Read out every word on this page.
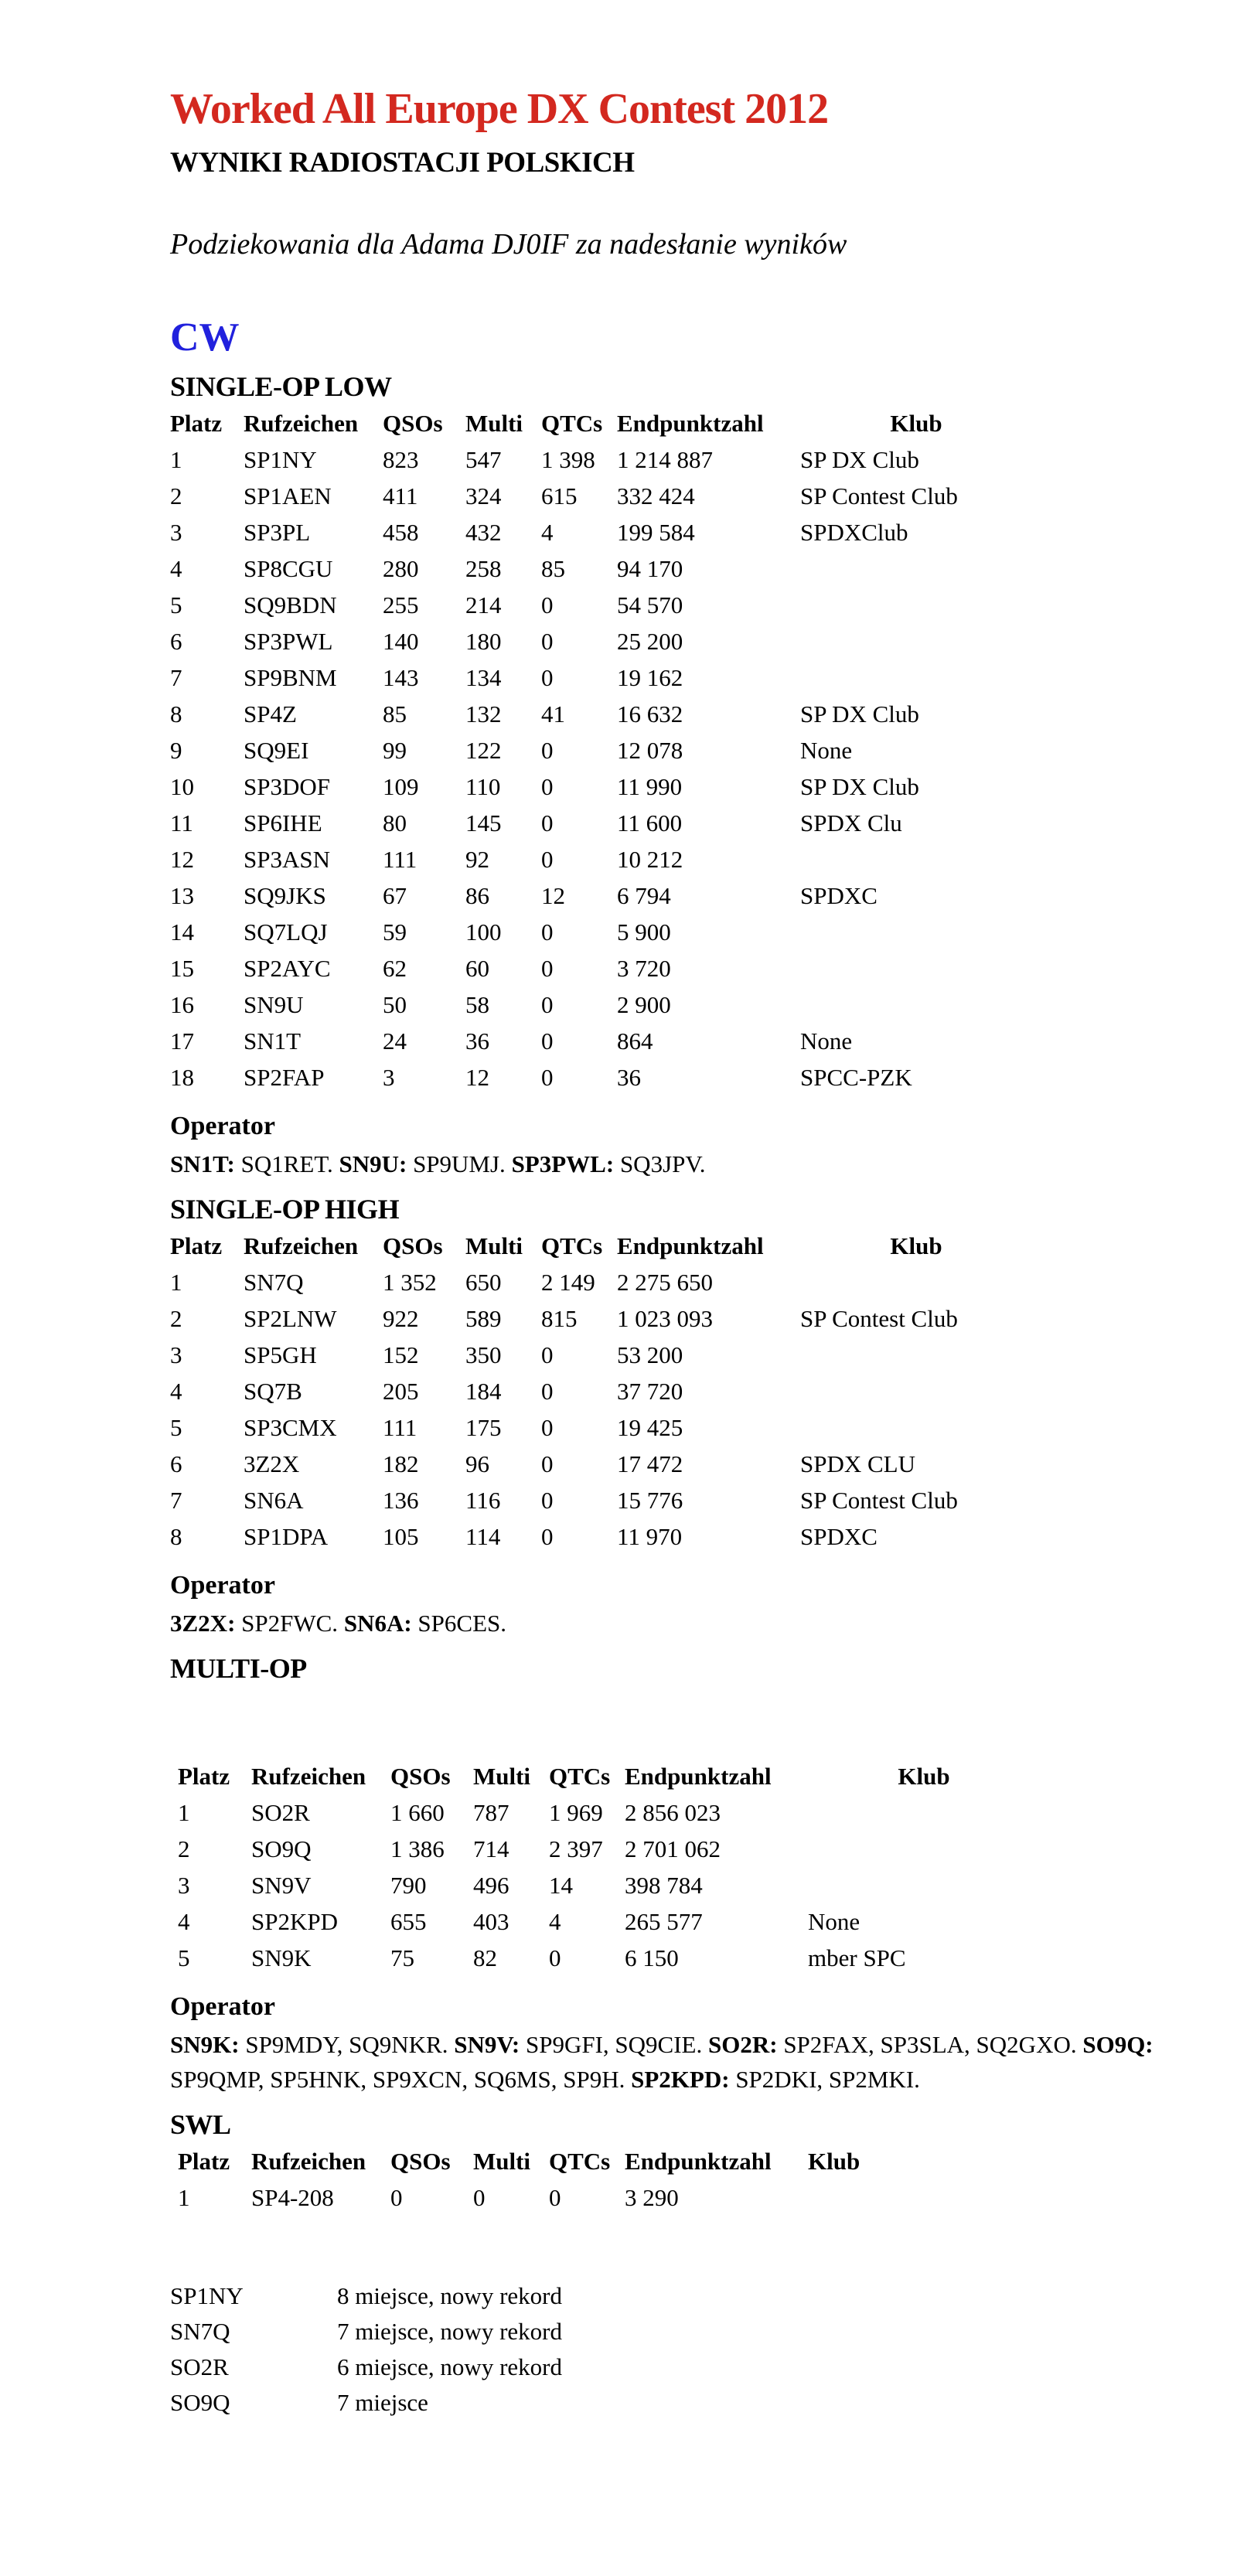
Worked All Europe DX Contest 2012
WYNIKI RADIOSTACJI POLSKICH

Podziekowania dla Adama DJ0IF za nadesłanie wyników

CW
SINGLE-OP LOW
Platz	Rufzeichen	QSOs	Multi	QTCs	Endpunktzahl	Klub
1	SP1NY	823	547	1 398	1 214 887	SP DX Club
2	SP1AEN	411	324	615	332 424	SP Contest Club
3	SP3PL	458	432	4	199 584	SPDXClub
4	SP8CGU	280	258	85	94 170	
5	SQ9BDN	255	214	0	54 570	
6	SP3PWL	140	180	0	25 200	
7	SP9BNM	143	134	0	19 162	
8	SP4Z	85	132	41	16 632	SP DX Club
9	SQ9EI	99	122	0	12 078	None
10	SP3DOF	109	110	0	11 990	SP DX Club
11	SP6IHE	80	145	0	11 600	SPDX Clu
12	SP3ASN	111	92	0	10 212	
13	SQ9JKS	67	86	12	6 794	SPDXC
14	SQ7LQJ	59	100	0	5 900	
15	SP2AYC	62	60	0	3 720	
16	SN9U	50	58	0	2 900	
17	SN1T	24	36	0	864	None
18	SP2FAP	3	12	0	36	SPCC-PZK
Operator

SN1T: SQ1RET. SN9U: SP9UMJ. SP3PWL: SQ3JPV.

SINGLE-OP HIGH
Platz	Rufzeichen	QSOs	Multi	QTCs	Endpunktzahl	Klub
1	SN7Q	1 352	650	2 149	2 275 650	
2	SP2LNW	922	589	815	1 023 093	SP Contest Club
3	SP5GH	152	350	0	53 200	
4	SQ7B	205	184	0	37 720	
5	SP3CMX	111	175	0	19 425	
6	3Z2X	182	96	0	17 472	SPDX CLU
7	SN6A	136	116	0	15 776	SP Contest Club
8	SP1DPA	105	114	0	11 970	SPDXC
Operator

3Z2X: SP2FWC. SN6A: SP6CES.

MULTI-OP
Platz	Rufzeichen	QSOs	Multi	QTCs	Endpunktzahl	Klub
1	SO2R	1 660	787	1 969	2 856 023	
2	SO9Q	1 386	714	2 397	2 701 062	
3	SN9V	790	496	14	398 784	
4	SP2KPD	655	403	4	265 577	None
5	SN9K	75	82	0	6 150	mber SPC
Operator

SN9K: SP9MDY, SQ9NKR. SN9V: SP9GFI, SQ9CIE. SO2R: SP2FAX, SP3SLA, SQ2GXO. SO9Q: SP9QMP, SP5HNK, SP9XCN, SQ6MS, SP9H. SP2KPD: SP2DKI, SP2MKI.

SWL
Platz	Rufzeichen	QSOs	Multi	QTCs	Endpunktzahl	Klub
1	SP4-208	0	0	0	3 290	
SP1NY	8 miejsce, nowy rekord
SN7Q	7 miejsce, nowy rekord
SO2R	6 miejsce, nowy rekord
SO9Q	7 miejsce
